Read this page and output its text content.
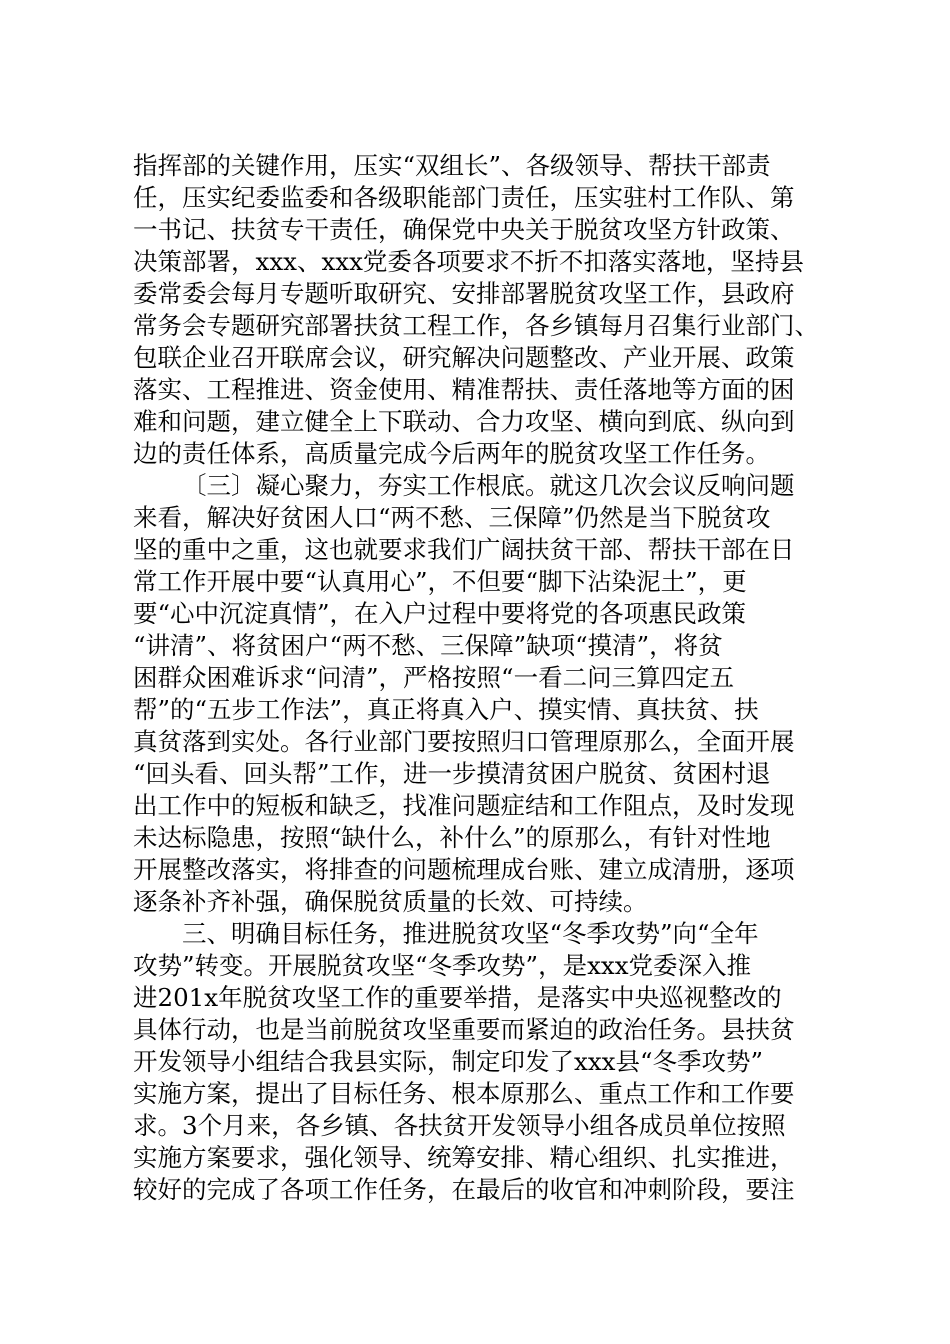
指挥部的关键作用，压实“双组长”、各级领导、帮扶干部责
任，压实纪委监委和各级职能部门责任，压实驻村工作队、第
一书记、扶贫专干责任，确保党中央关于脱贫攻坚方针政策、
决策部署，xxx、xxx党委各项要求不折不扣落实落地，坚持县
委常委会每月专题听取研究、安排部署脱贫攻坚工作，县政府
常务会专题研究部署扶贫工程工作，各乡镇每月召集行业部门、
包联企业召开联席会议，研究解决问题整改、产业开展、政策
落实、工程推进、资金使用、精准帮扶、责任落地等方面的困
难和问题，建立健全上下联动、合力攻坚、横向到底、纵向到
边的责任体系，高质量完成今后两年的脱贫攻坚工作任务。
〔三〕凝心聚力，夯实工作根底。就这几次会议反响问题
来看，解决好贫困人口“两不愁、三保障”仍然是当下脱贫攻
坚的重中之重，这也就要求我们广阔扶贫干部、帮扶干部在日
常工作开展中要“认真用心”，不但要“脚下沾染泥土”，更
要“心中沉淀真情”，在入户过程中要将党的各项惠民政策
“讲清”、将贫困户“两不愁、三保障”缺项“摸清”，将贫
困群众困难诉求“问清”，严格按照“一看二问三算四定五
帮”的“五步工作法”，真正将真入户、摸实情、真扶贫、扶
真贫落到实处。各行业部门要按照归口管理原那么，全面开展
“回头看、回头帮”工作，进一步摸清贫困户脱贫、贫困村退
出工作中的短板和缺乏，找准问题症结和工作阻点，及时发现
未达标隐患，按照“缺什么，补什么”的原那么，有针对性地
开展整改落实，将排查的问题梳理成台账、建立成清册，逐项
逐条补齐补强，确保脱贫质量的长效、可持续。
三、明确目标任务，推进脱贫攻坚“冬季攻势”向“全年
攻势”转变。开展脱贫攻坚“冬季攻势”，是xxx党委深入推
进201x年脱贫攻坚工作的重要举措，是落实中央巡视整改的
具体行动，也是当前脱贫攻坚重要而紧迫的政治任务。县扶贫
开发领导小组结合我县实际，制定印发了xxx县“冬季攻势”
实施方案，提出了目标任务、根本原那么、重点工作和工作要
求。3个月来，各乡镇、各扶贫开发领导小组各成员单位按照
实施方案要求，强化领导、统筹安排、精心组织、扎实推进，
较好的完成了各项工作任务，在最后的收官和冲刺阶段，要注
